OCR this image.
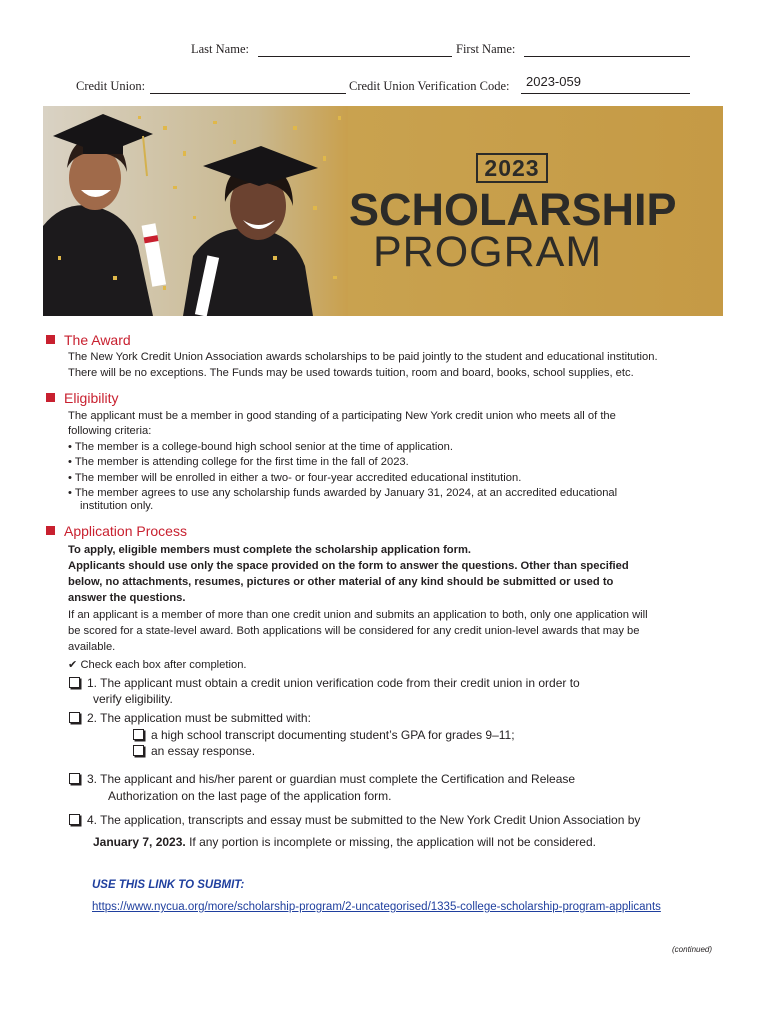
Last Name:	First Name:
Credit Union:	Credit Union Verification Code: 2023-059
2023
SCHOLARSHIP
PROGRAM
The Award
The New York Credit Union Association awards scholarships to be paid jointly to the student and educational institution.
There will be no exceptions. The Funds may be used towards tuition, room and board, books, school supplies, etc.
Eligibility
The applicant must be a member in good standing of a participating New York credit union who meets all of the
following criteria:
• The member is a college-bound high school senior at the time of application.
• The member is attending college for the first time in the fall of 2023.
• The member will be enrolled in either a two- or four-year accredited educational institution.
• The member agrees to use any scholarship funds awarded by January 31, 2024, at an accredited educational
institution only.
Application Process
To apply, eligible members must complete the scholarship application form.
Applicants should use only the space provided on the form to answer the questions. Other than specified
below, no attachments, resumes, pictures or other material of any kind should be submitted or used to
answer the questions.
If an applicant is a member of more than one credit union and submits an application to both, only one application will
be scored for a state-level award. Both applications will be considered for any credit union-level awards that may be
available.
✔ Check each box after completion.
1. The applicant must obtain a credit union verification code from their credit union in order to
verify eligibility.
2. The application must be submitted with:
a high school transcript documenting student’s GPA for grades 9–11;
an essay response.
3. The applicant and his/her parent or guardian must complete the Certification and Release
Authorization on the last page of the application form.
4. The application, transcripts and essay must be submitted to the New York Credit Union Association by
January 7, 2023. If any portion is incomplete or missing, the application will not be considered.
USE THIS LINK TO SUBMIT:
https://www.nycua.org/more/scholarship-program/2-uncategorised/1335-college-scholarship-program-applicants
(continued)
